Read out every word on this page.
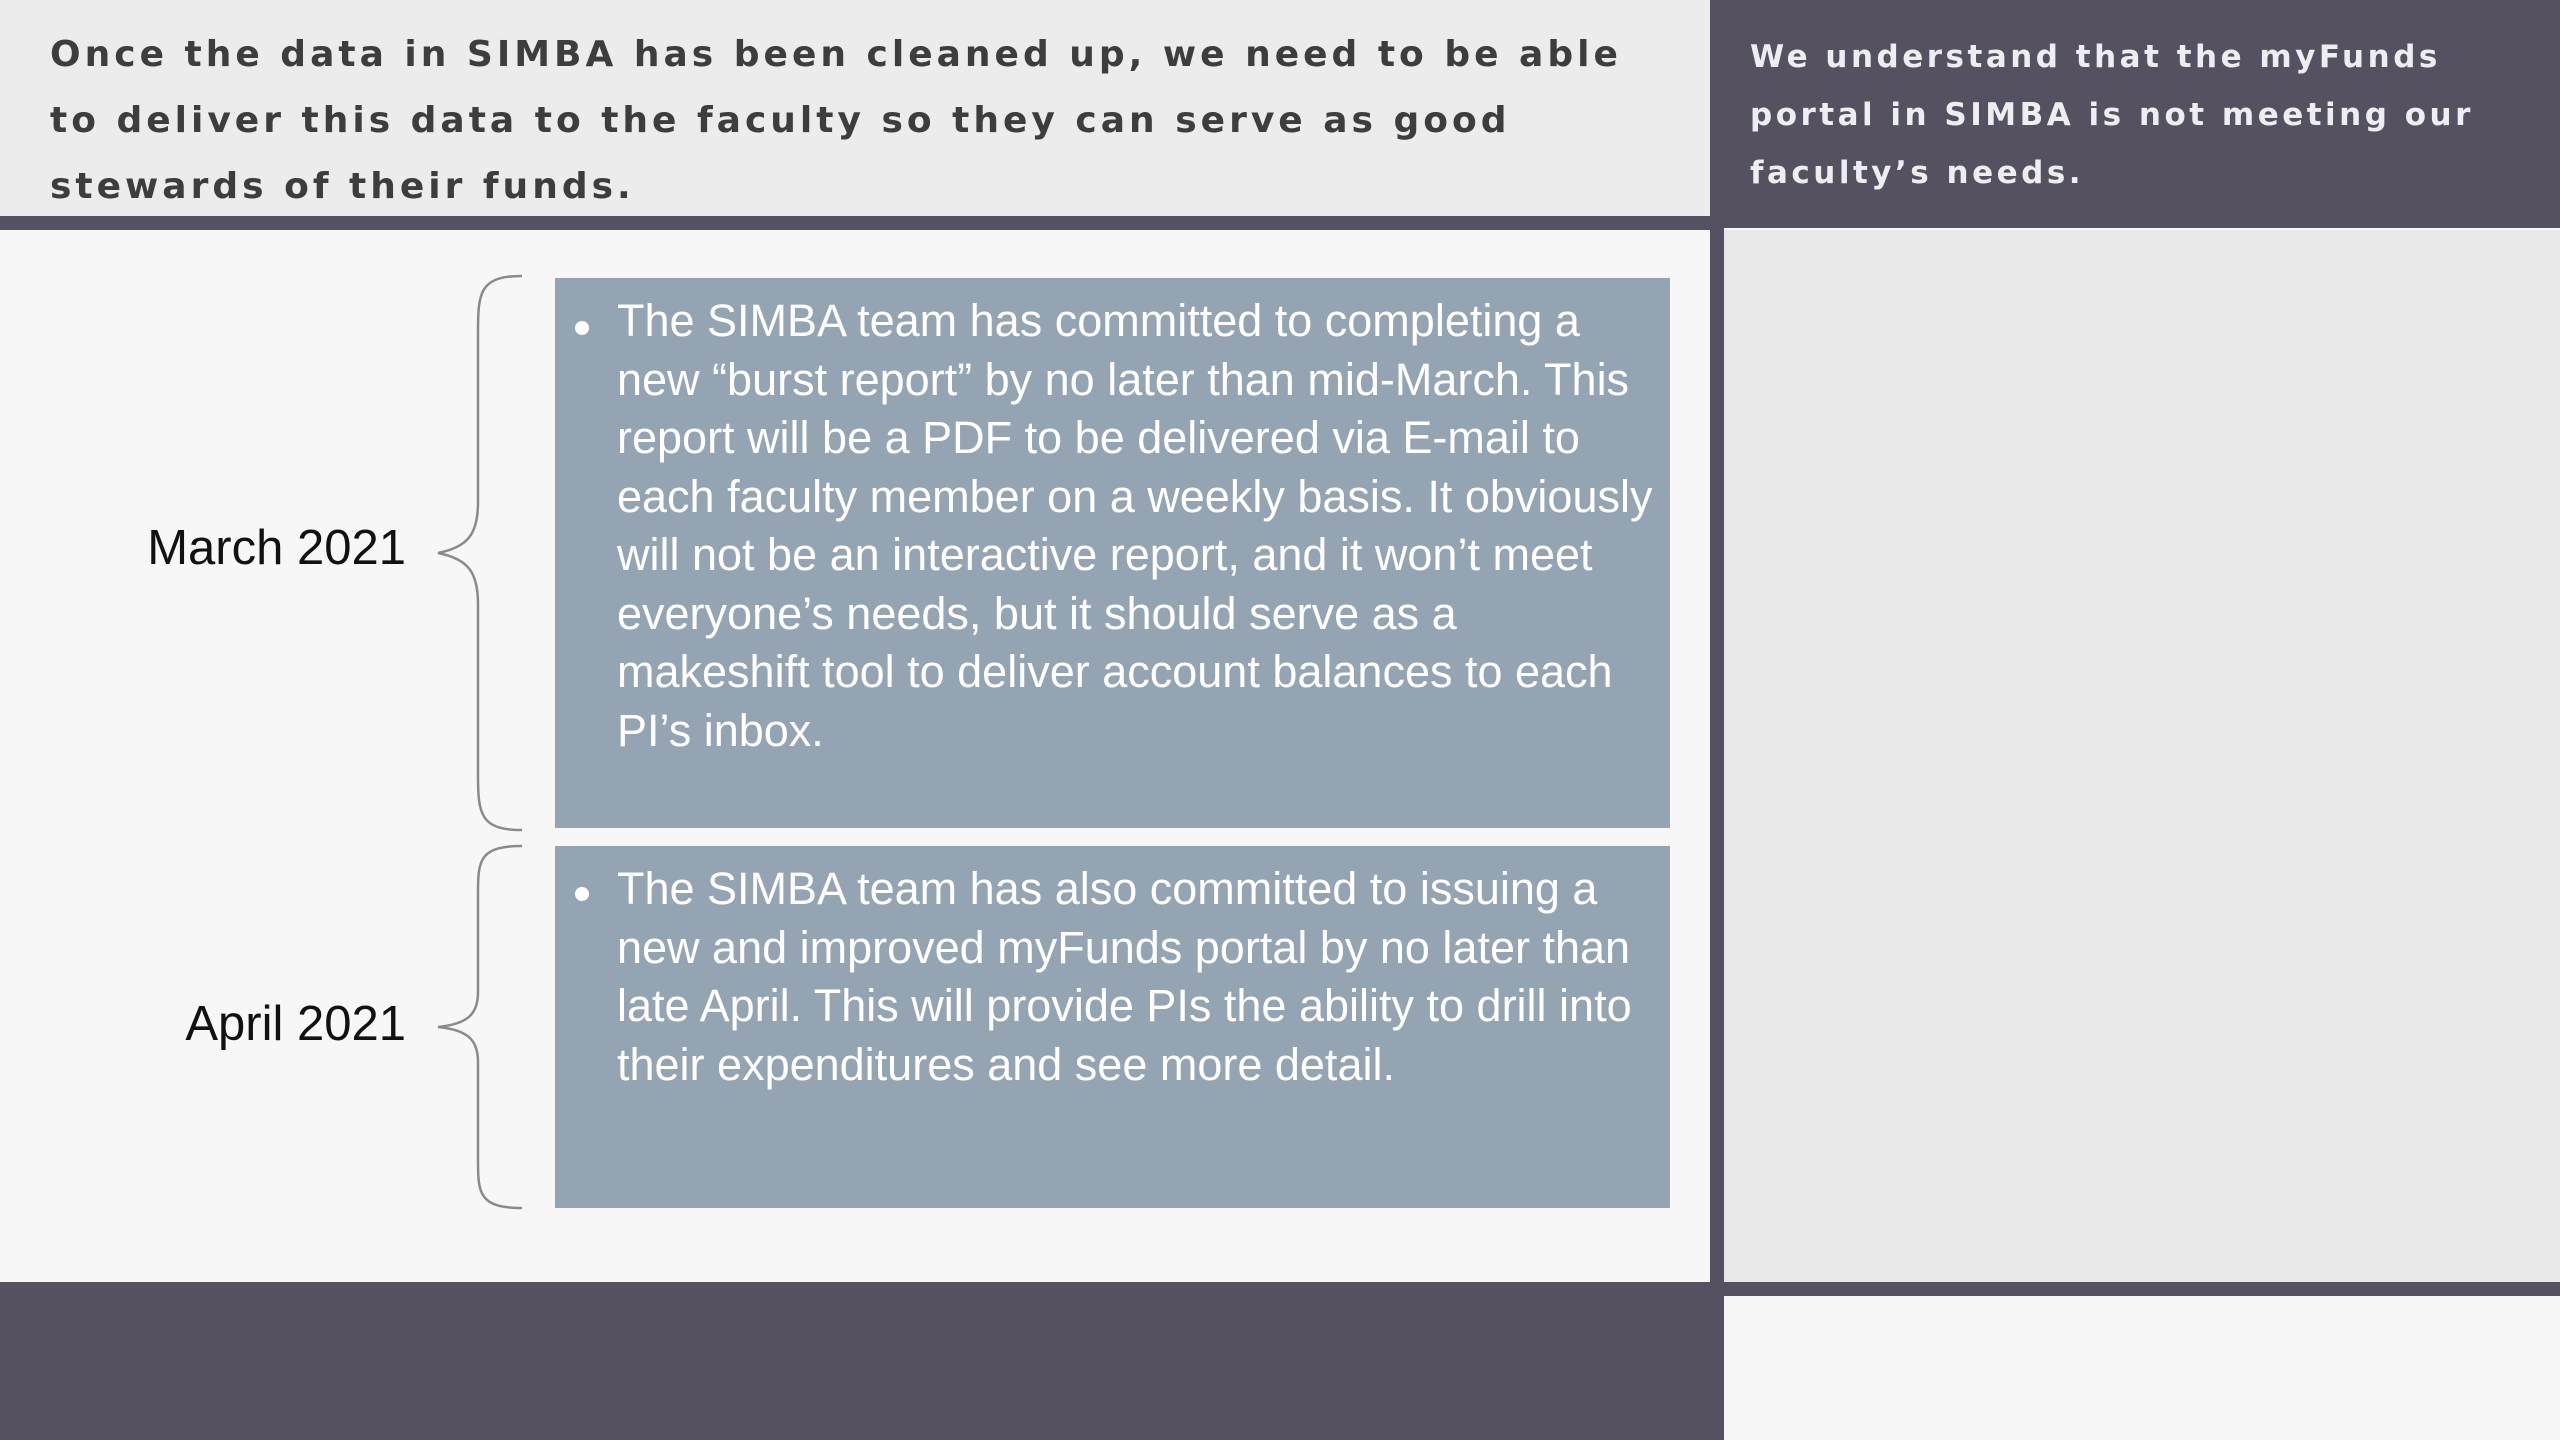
Once the data in SIMBA has been cleaned up, we need to be able to deliver this data to the faculty so they can serve as good stewards of their funds.
We understand that the myFunds portal in SIMBA is not meeting our faculty’s needs.
March 2021
The SIMBA team has committed to completing a new “burst report” by no later than mid-March. This report will be a PDF to be delivered via E-mail to each faculty member on a weekly basis. It obviously will not be an interactive report, and it won’t meet everyone’s needs, but it should serve as a makeshift tool to deliver account balances to each PI’s inbox.
April 2021
The SIMBA team has also committed to issuing a new and improved myFunds portal by no later than late April. This will provide PIs the ability to drill into their expenditures and see more detail.
